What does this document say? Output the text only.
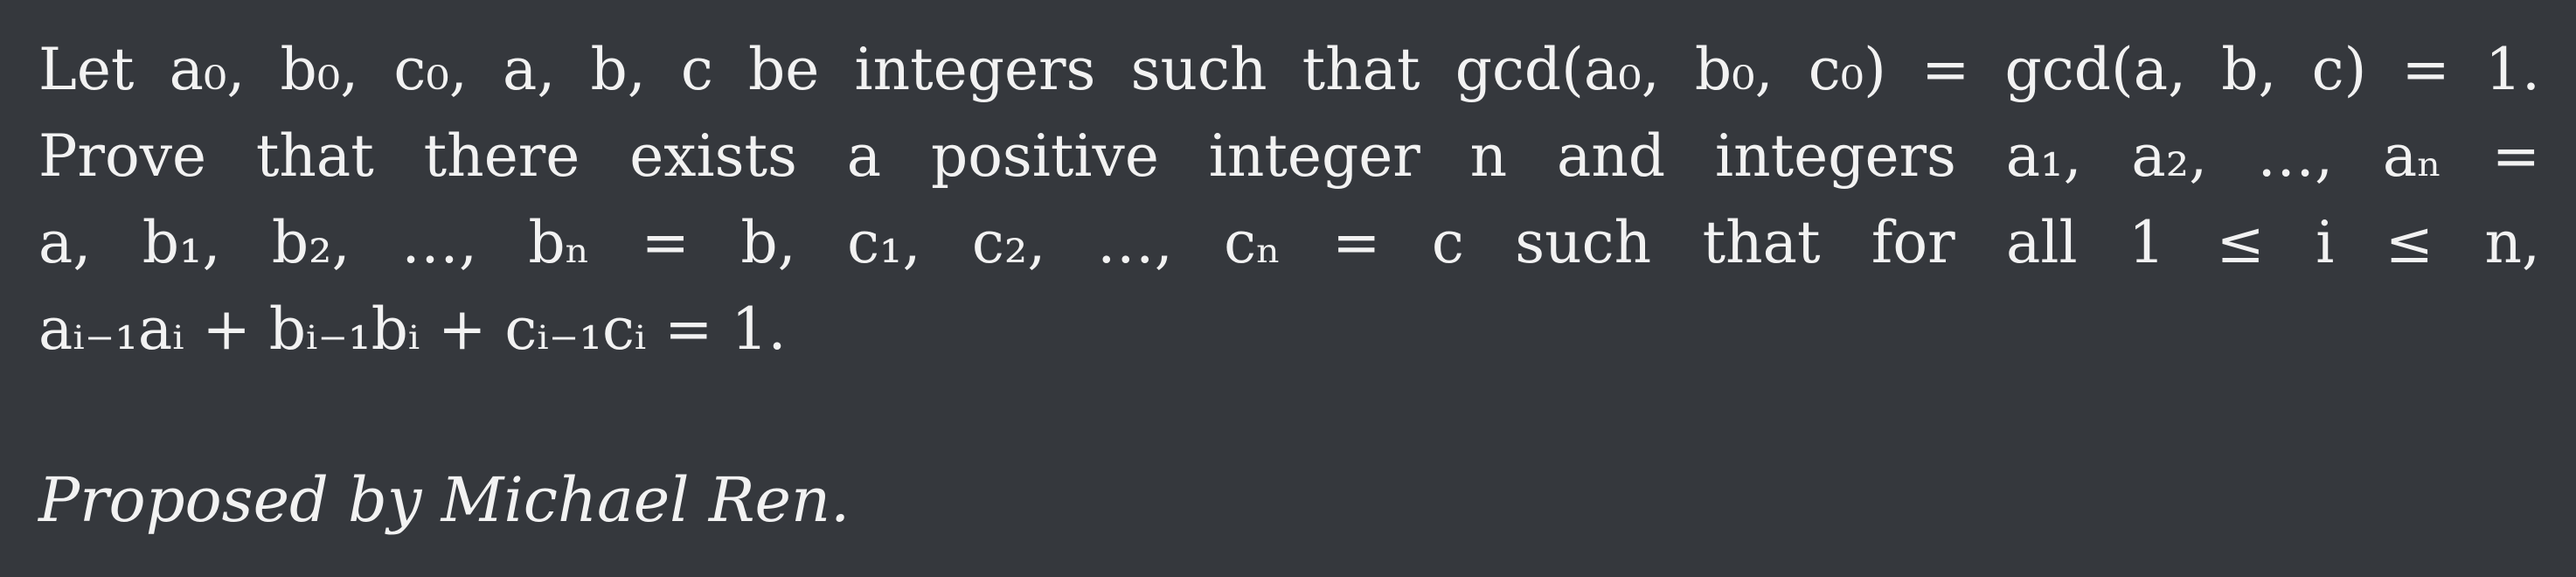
Let a₀, b₀, c₀, a, b, c be integers such that gcd(a₀, b₀, c₀) = gcd(a, b, c) = 1.
Prove that there exists a positive integer n and integers a₁, a₂, …, aₙ =
a, b₁, b₂, …, bₙ = b, c₁, c₂, …, cₙ = c such that for all 1 ≤ i ≤ n,
aᵢ₋₁aᵢ + bᵢ₋₁bᵢ + cᵢ₋₁cᵢ = 1.

Proposed by Michael Ren.
